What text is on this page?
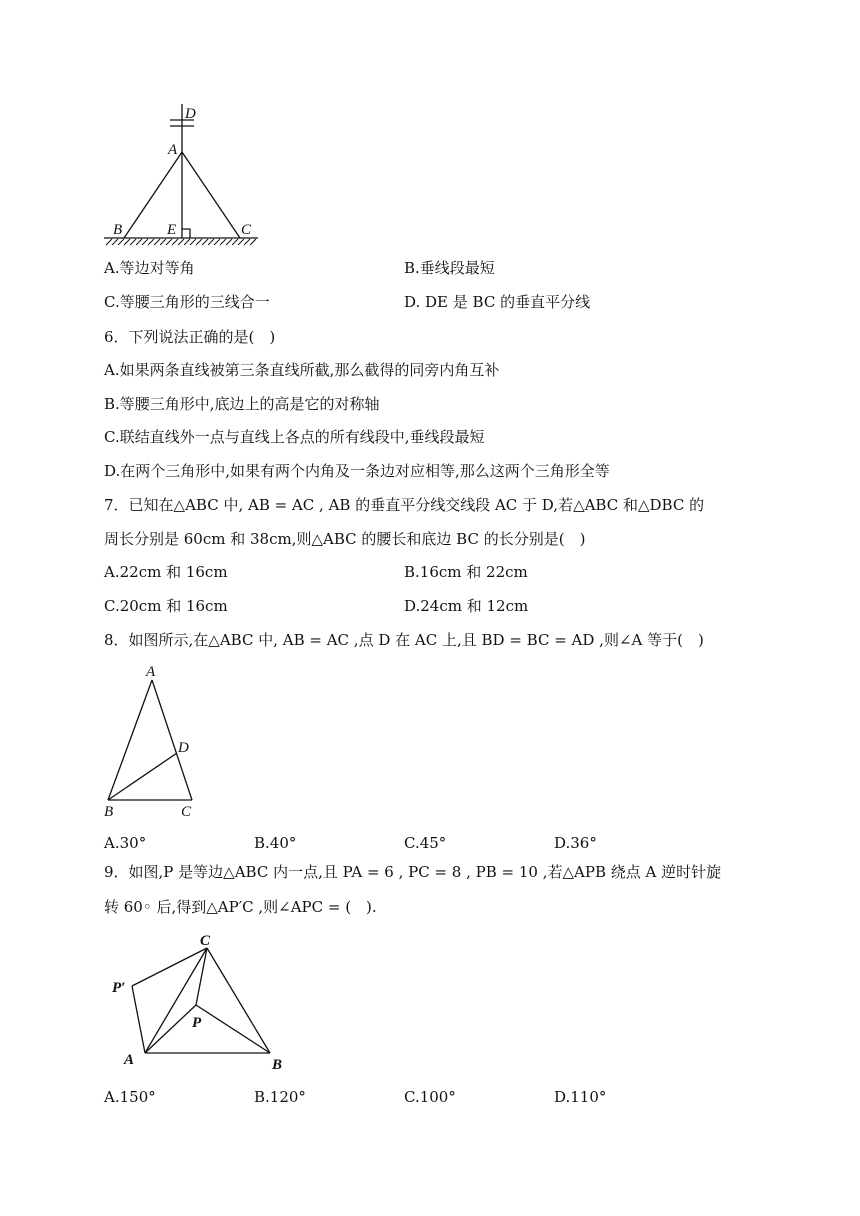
D
A
B	E	C
A.等边对等角	B.垂线段最短
C.等腰三角形的三线合一	D. DE 是 BC 的垂直平分线
6．下列说法正确的是(　)
A.如果两条直线被第三条直线所截,那么截得的同旁内角互补
B.等腰三角形中,底边上的高是它的对称轴
C.联结直线外一点与直线上各点的所有线段中,垂线段最短
D.在两个三角形中,如果有两个内角及一条边对应相等,那么这两个三角形全等
7．已知在△ABC 中, AB = AC , AB 的垂直平分线交线段 AC 于 D,若△ABC 和△DBC 的
周长分别是 60cm 和 38cm,则△ABC 的腰长和底边 BC 的长分别是(　)
A.22cm 和 16cm	B.16cm 和 22cm
C.20cm 和 16cm	D.24cm 和 12cm
8．如图所示,在△ABC 中, AB = AC ,点 D 在 AC 上,且 BD = BC = AD ,则∠A 等于(　)
A
D
B	C
A.30°	B.40°	C.45°	D.36°
9．如图,P 是等边△ABC 内一点,且 PA = 6 , PC = 8 , PB = 10 ,若△APB 绕点 A 逆时针旋
转 60◦ 后,得到△AP′C ,则∠APC = (　).
C
P′
P
A	B
A.150°	B.120°	C.100°	D.110°
